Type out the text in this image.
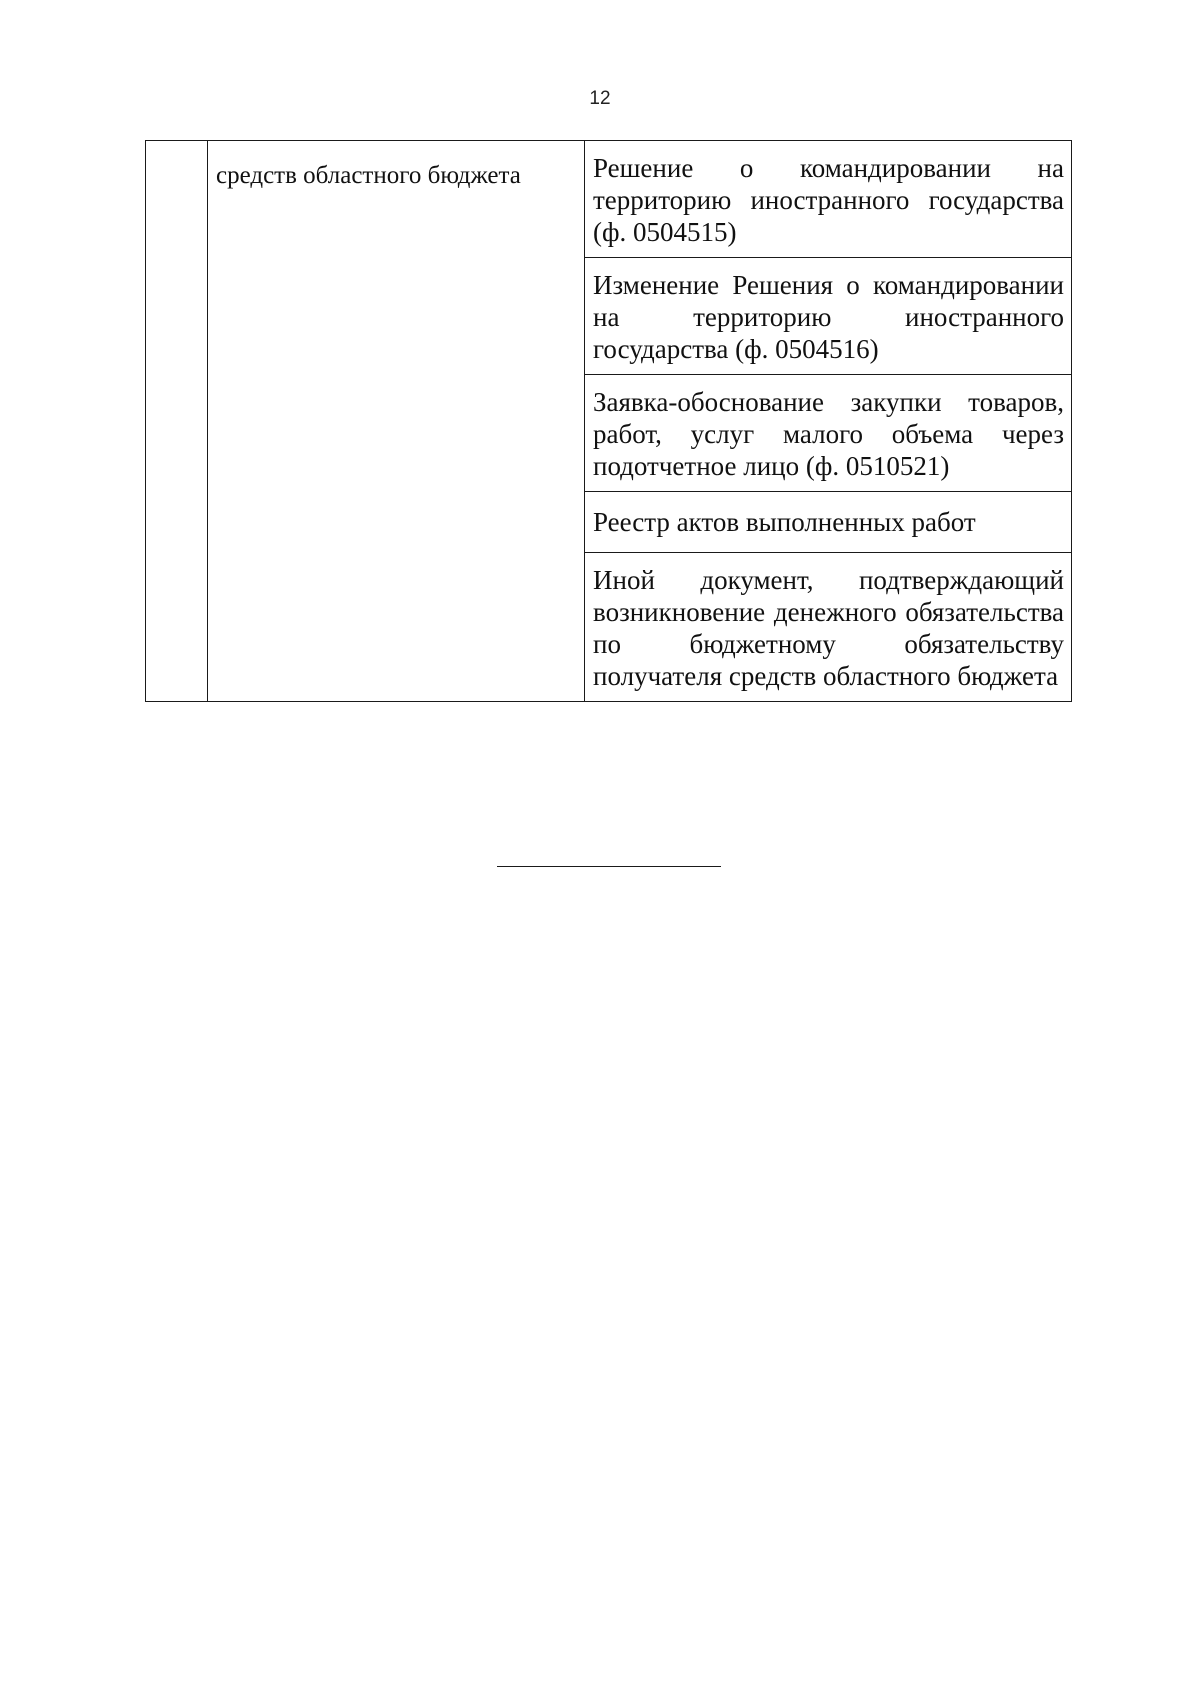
12

средств областного бюджета	Решение о командировании на территорию иностранного государства (ф. 0504515)

Изменение Решения о командировании на территорию иностранного государства (ф. 0504516)

Заявка-обоснование закупки товаров, работ, услуг малого объема через подотчетное лицо (ф. 0510521)

Реестр актов выполненных работ

Иной документ, подтверждающий возникновение денежного обязательства по бюджетному обязательству получателя средств областного бюджета
